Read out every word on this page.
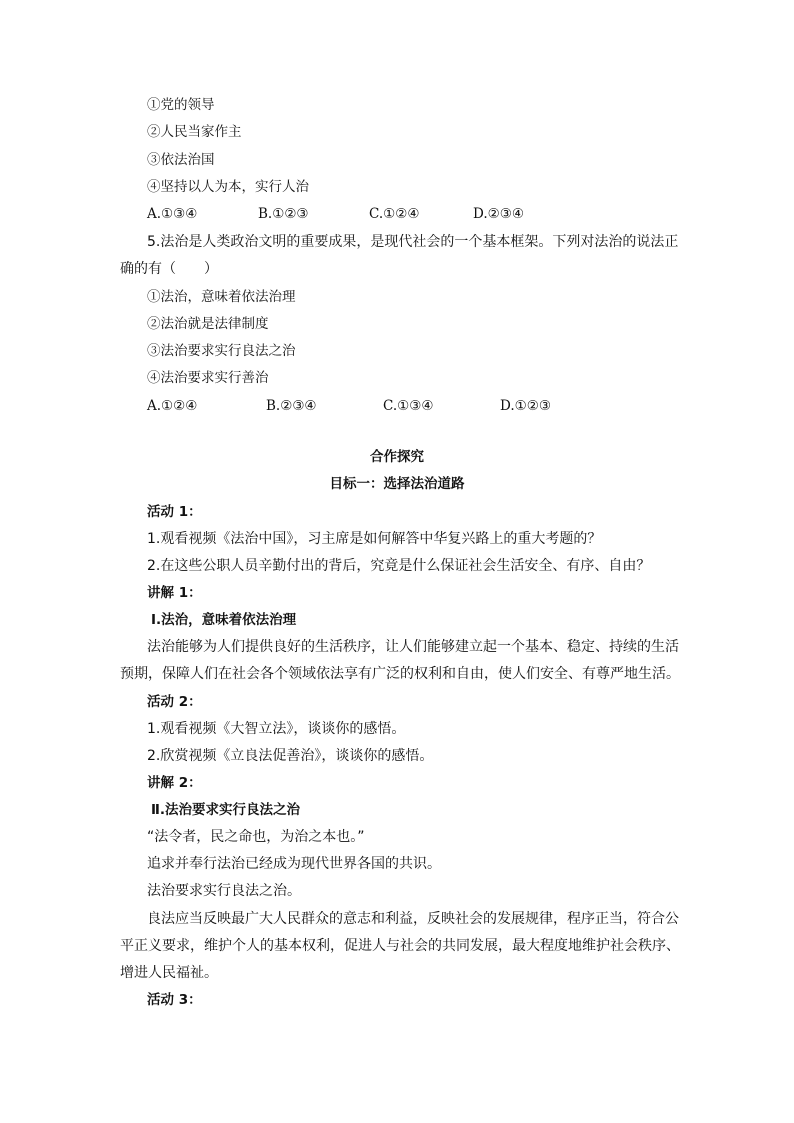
①党的领导
②人民当家作主
③依法治国
④坚持以人为本，实行人治
A.①③④	B.①②③	C.①②④	D.②③④
5.法治是人类政治文明的重要成果，是现代社会的一个基本框架。下列对法治的说法正
确的有（　　）
①法治，意味着依法治理
②法治就是法律制度
③法治要求实行良法之治
④法治要求实行善治
A.①②④	B.②③④	C.①③④	D.①②③
合作探究
目标一：选择法治道路
活动 1：
1.观看视频《法治中国》，习主席是如何解答中华复兴路上的重大考题的？
2.在这些公职人员辛勤付出的背后，究竟是什么保证社会生活安全、有序、自由？
讲解 1：
Ⅰ.法治，意味着依法治理
法治能够为人们提供良好的生活秩序，让人们能够建立起一个基本、稳定、持续的生活
预期，保障人们在社会各个领域依法享有广泛的权利和自由，使人们安全、有尊严地生活。
活动 2：
1.观看视频《大智立法》，谈谈你的感悟。
2.欣赏视频《立良法促善治》，谈谈你的感悟。
讲解 2：
Ⅱ.法治要求实行良法之治
“法令者，民之命也，为治之本也。”
追求并奉行法治已经成为现代世界各国的共识。
法治要求实行良法之治。
良法应当反映最广大人民群众的意志和利益，反映社会的发展规律，程序正当，符合公
平正义要求，维护个人的基本权利，促进人与社会的共同发展，最大程度地维护社会秩序、
增进人民福祉。
活动 3：
